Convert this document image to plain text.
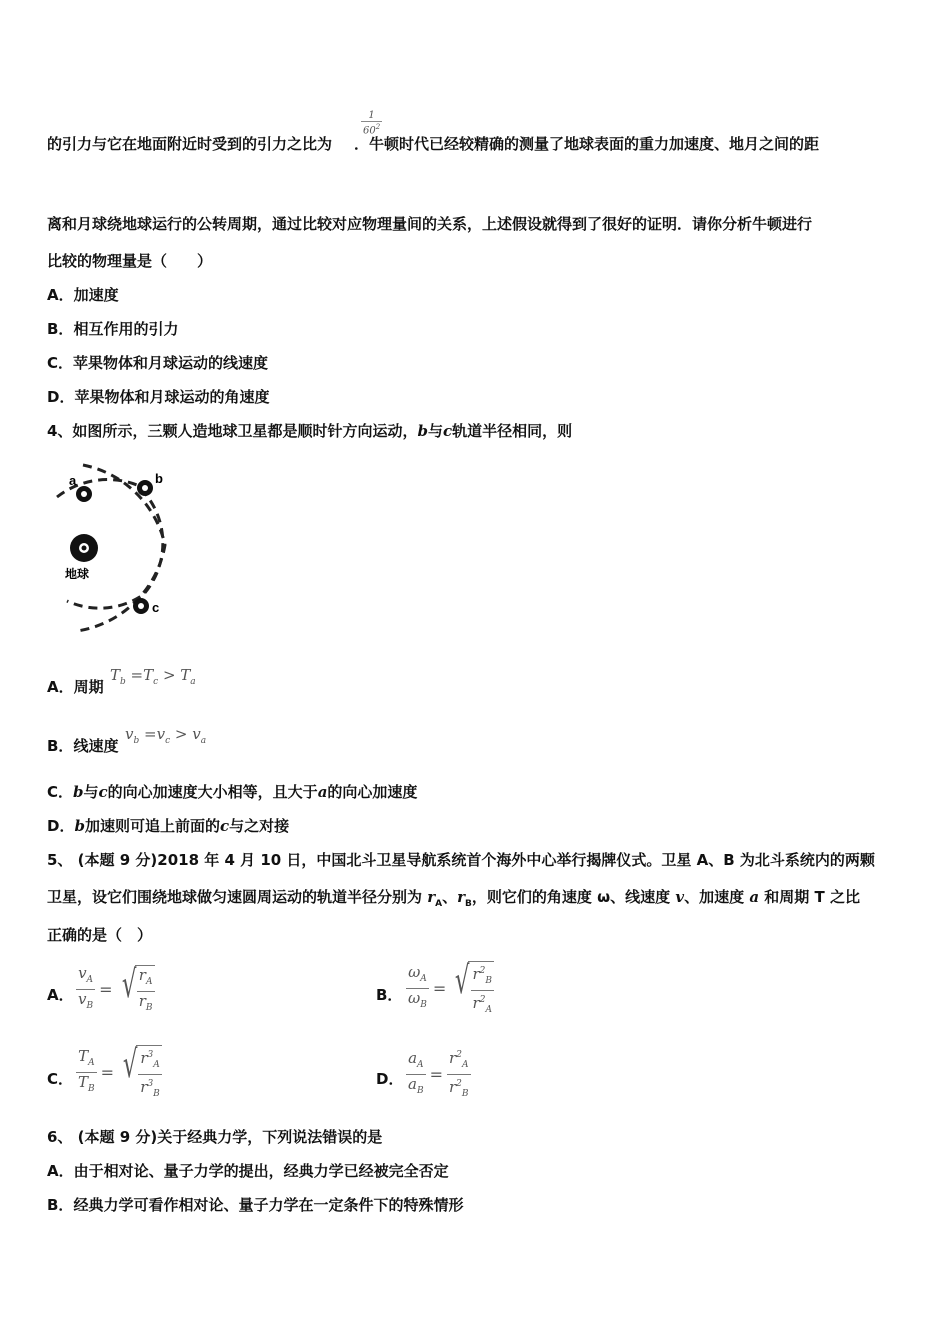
的引力与它在地面附近时受到的引力之比为 ．牛顿时代已经较精确的测量了地球表面的重力加速度、地月之间的距
$\frac{1}{60^2}$
离和月球绕地球运行的公转周期，通过比较对应物理量间的关系，上述假设就得到了很好的证明．请你分析牛顿进行
比较的物理量是（　　）
A．加速度
B．相互作用的引力
C．苹果物体和月球运动的线速度
D．苹果物体和月球运动的角速度
4、如图所示，三颗人造地球卫星都是顺时针方向运动，b与c轨道半径相同，则
a	b
c
地球
A．周期
$T_b =T_c > T_a$
B．线速度
$v_b =v_c > v_a$
C．b与c的向心加速度大小相等，且大于a的向心加速度
D．b加速则可追上前面的c与之对接
5、 (本题 9 分)2018 年 4 月 10 日，中国北斗卫星导航系统首个海外中心举行揭牌仪式。卫星 A、B 为北斗系统内的两颗
卫星，设它们围绕地球做匀速圆周运动的轨道半径分别为 $r_A$、$r_B$，则它们的角速度 ω、线速度 v、加速度 a 和周期 T 之比
正确的是（　）
A． $\frac{v_A}{v_B}$ = √ $\frac{r_A}{r_B}$	B． $\frac{\omega_A}{\omega_B}$ = √ $\frac{r^2_B}{r^2_A}$
C． $\frac{T_A}{T_B}$ = √ $\frac{r^3_A}{r^3_B}$	D． $\frac{a_A}{a_B} = \frac{r^2_A}{r^2_B}$
6、 (本题 9 分)关于经典力学，下列说法错误的是
A．由于相对论、量子力学的提出，经典力学已经被完全否定
B．经典力学可看作相对论、量子力学在一定条件下的特殊情形
